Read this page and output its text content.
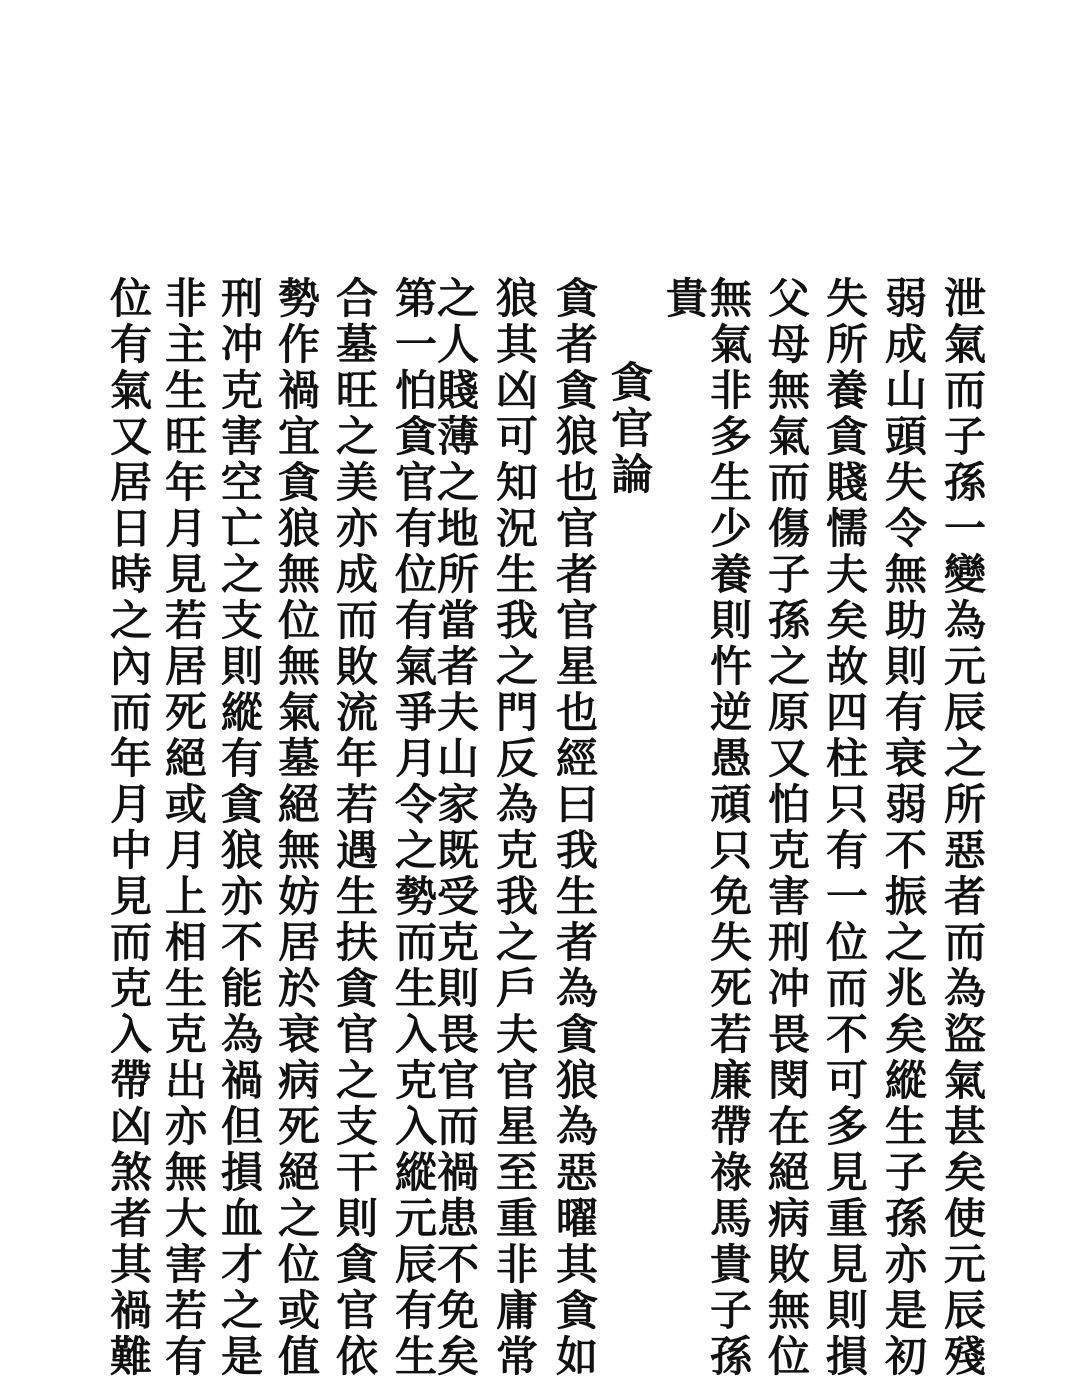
泄氣而子孫一變為元辰之所惡者而為盜氣甚矣使元辰殘
弱成山頭失令無助則有衰弱不振之兆矣縱生子孫亦是初
失所養貪賤懦夫矣故四柱只有一位而不可多見重見則損
父母無氣而傷子孫之原又怕克害刑冲畏閔在絕病敗無位
無氣非多生少養則忤逆愚頑只免失死若廉帶祿馬貴子孫
貴
貪官論
貪者貪狼也官者官星也經曰我生者為貪狼為惡曜其貪如
狼其凶可知況生我之門反為克我之戶夫官星至重非庸常
之人賤薄之地所當者夫山家既受克則畏官而禍患不免矣
第一怕貪官有位有氣爭月令之勢而生入克入縱元辰有生
合墓旺之美亦成而敗流年若遇生扶貪官之支干則貪官依
勢作禍宜貪狼無位無氣墓絕無妨居於衰病死絕之位或值
刑冲克害空亡之支則縱有貪狼亦不能為禍但損血才之是
非主生旺年月見若居死絕或月上相生克出亦無大害若有
位有氣又居日時之內而年月中見而克入帶凶煞者其禍難
